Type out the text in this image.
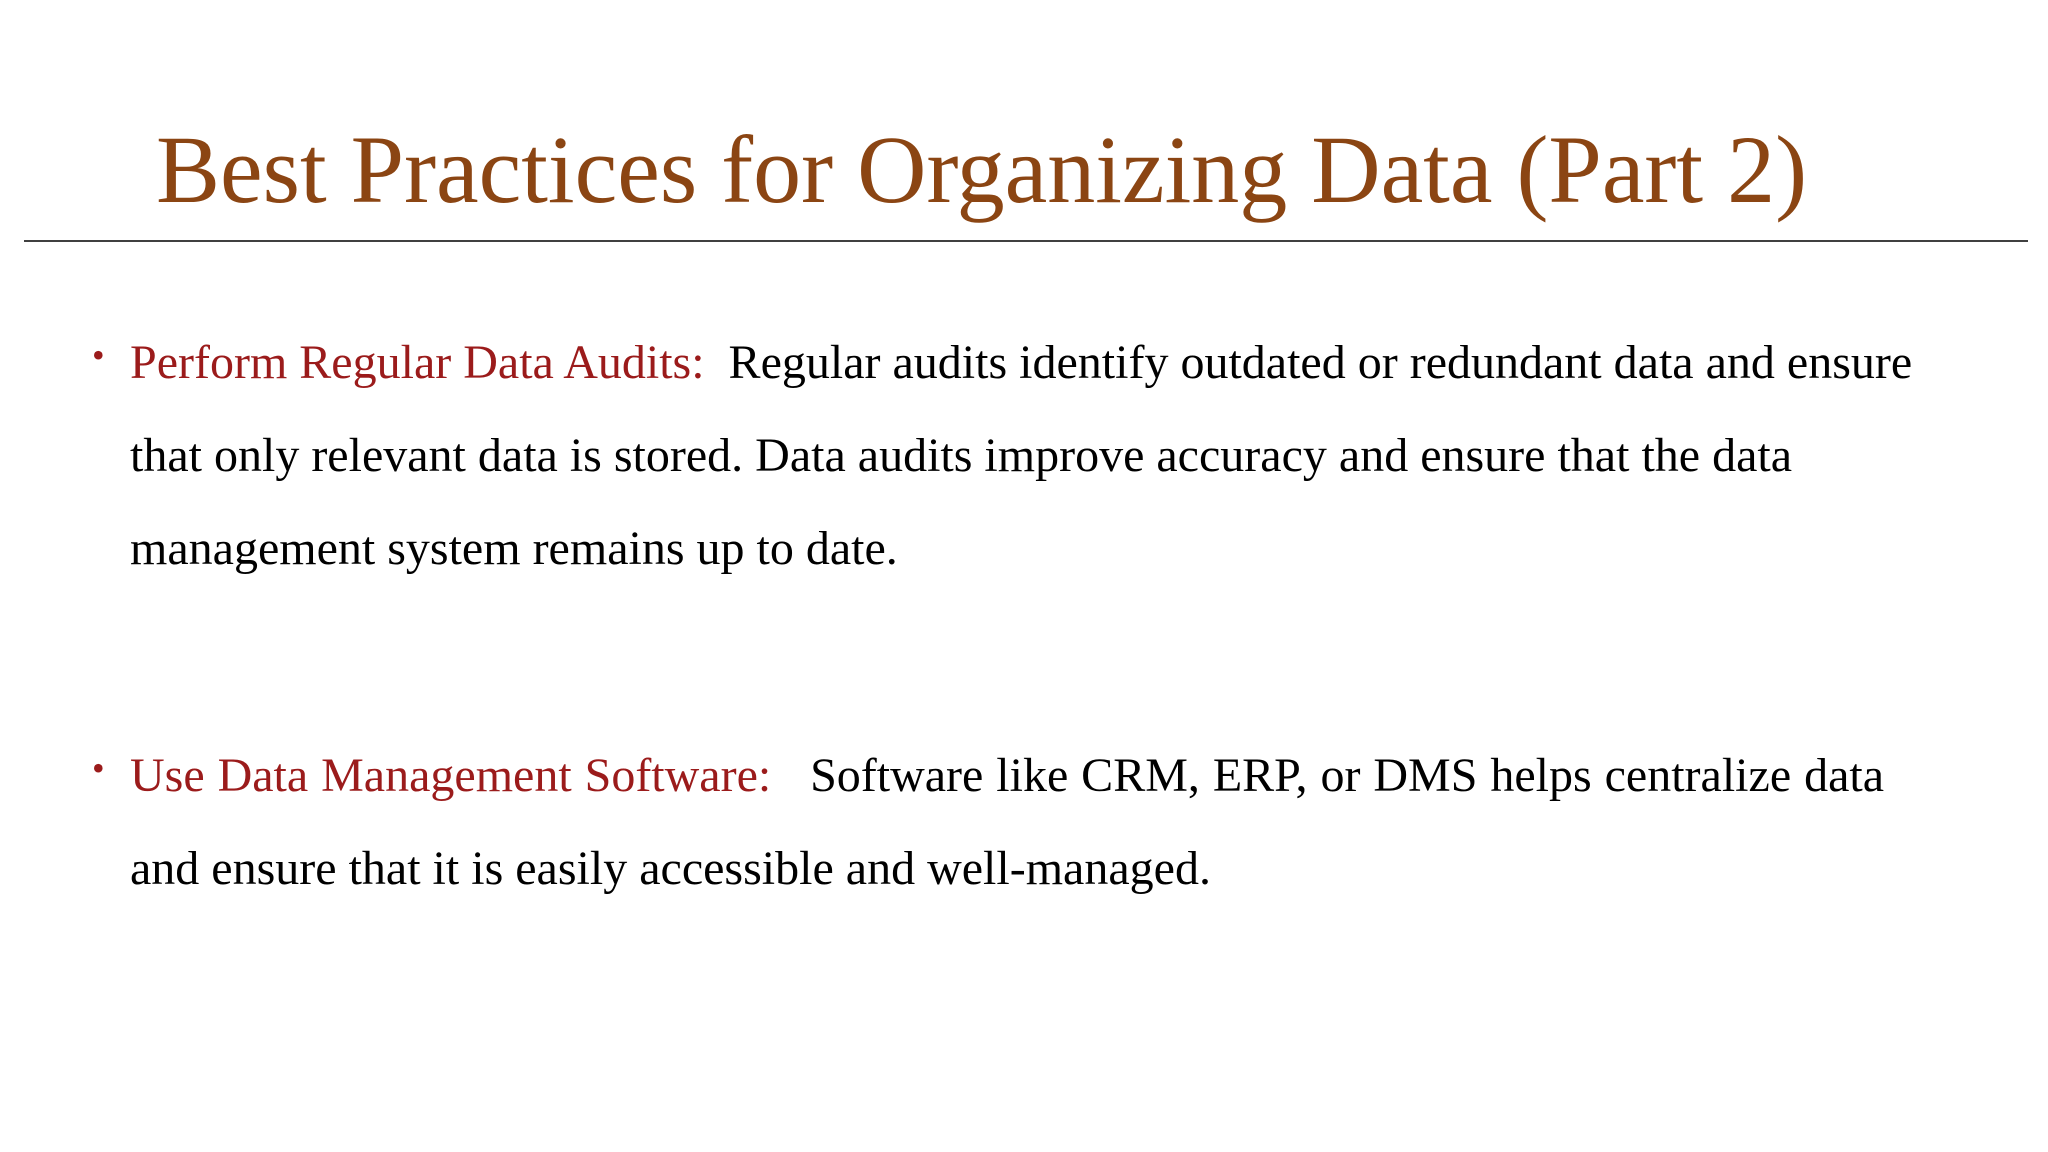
Best Practices for Organizing Data (Part 2)
• Perform Regular Data Audits: Regular audits identify outdated or redundant data and ensure that only relevant data is stored. Data audits improve accuracy and ensure that the data management system remains up to date.
• Use Data Management Software: Software like CRM, ERP, or DMS helps centralize data and ensure that it is easily accessible and well-managed.
